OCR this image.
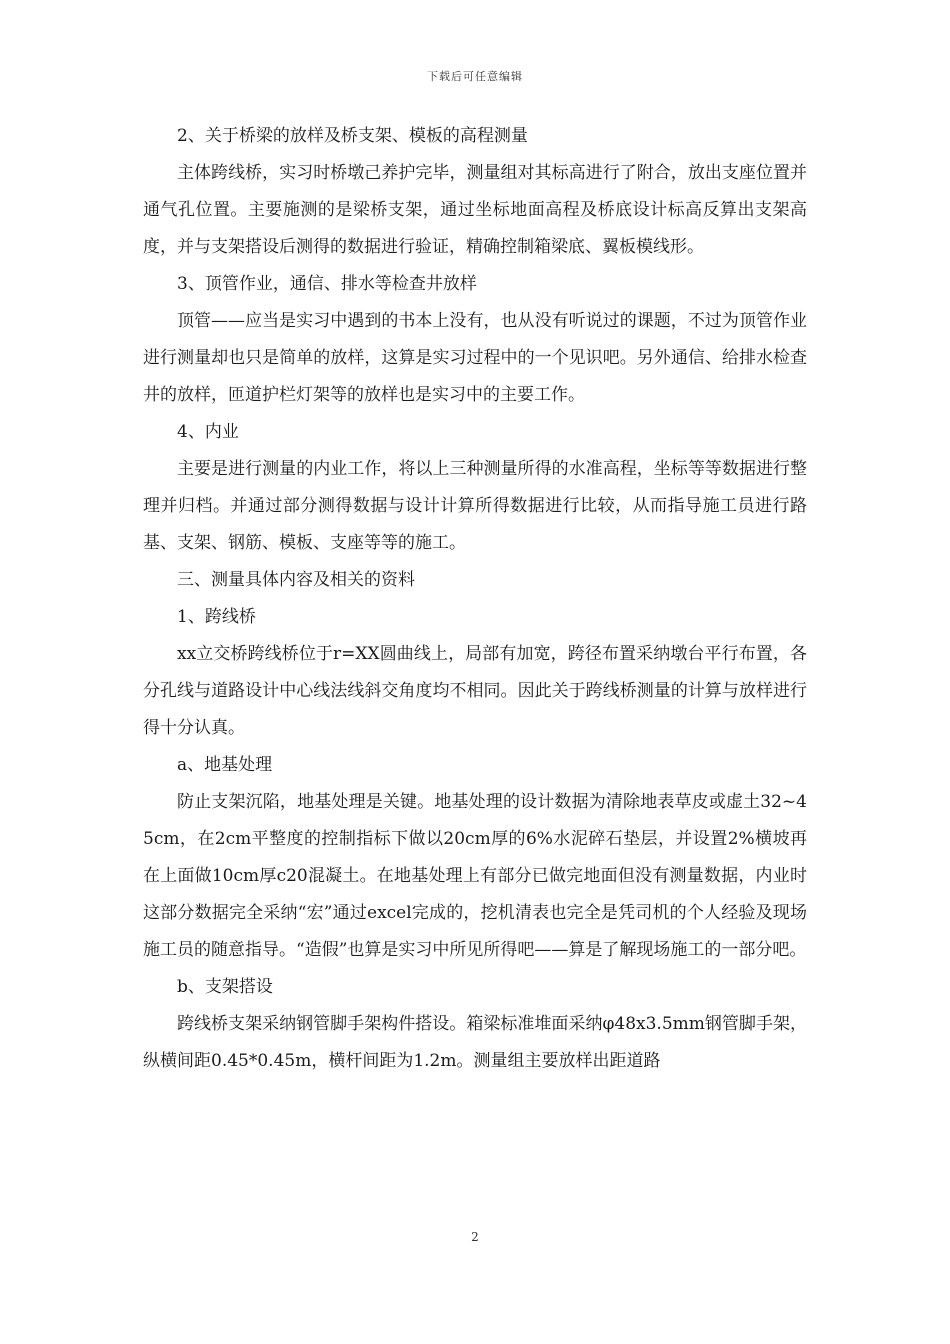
下载后可任意编辑

2、关于桥梁的放样及桥支架、模板的高程测量

主体跨线桥，实习时桥墩己养护完毕，测量组对其标高进行了附合，放出支座位置并通气孔位置。主要施测的是梁桥支架，通过坐标地面高程及桥底设计标高反算出支架高度，并与支架搭设后测得的数据进行验证，精确控制箱梁底、翼板模线形。

3、顶管作业，通信、排水等检查井放样

顶管——应当是实习中遇到的书本上没有，也从没有听说过的课题，不过为顶管作业进行测量却也只是简单的放样，这算是实习过程中的一个见识吧。另外通信、给排水检查井的放样，匝道护栏灯架等的放样也是实习中的主要工作。

4、内业

主要是进行测量的内业工作，将以上三种测量所得的水准高程，坐标等等数据进行整理并归档。并通过部分测得数据与设计计算所得数据进行比较，从而指导施工员进行路基、支架、钢筋、模板、支座等等的施工。

三、测量具体内容及相关的资料

1、跨线桥

xx立交桥跨线桥位于r=XX圆曲线上，局部有加宽，跨径布置采纳墩台平行布置，各分孔线与道路设计中心线法线斜交角度均不相同。因此关于跨线桥测量的计算与放样进行得十分认真。

a、地基处理

防止支架沉陷，地基处理是关键。地基处理的设计数据为清除地表草皮或虚土32~45cm，在2cm平整度的控制指标下做以20cm厚的6%水泥碎石垫层，并设置2%横坡再在上面做10cm厚c20混凝土。在地基处理上有部分已做完地面但没有测量数据，内业时这部分数据完全采纳“宏”通过excel完成的，挖机清表也完全是凭司机的个人经验及现场施工员的随意指导。“造假”也算是实习中所见所得吧——算是了解现场施工的一部分吧。

b、支架搭设

跨线桥支架采纳钢管脚手架构件搭设。箱梁标准堆面采纳φ48x3.5mm钢管脚手架，纵横间距0.45*0.45m，横杆间距为1.2m。测量组主要放样出距道路

2
